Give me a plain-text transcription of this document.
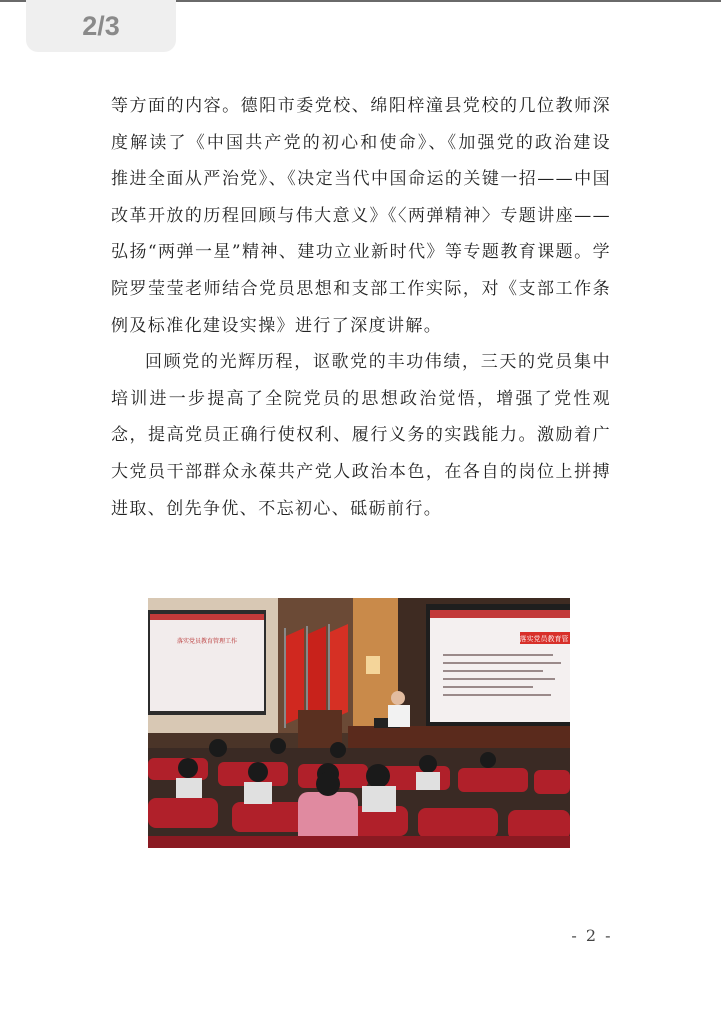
2/3

等方面的内容。德阳市委党校、绵阳梓潼县党校的几位教师深度解读了《中国共产党的初心和使命》、《加强党的政治建设 推进全面从严治党》、《决定当代中国命运的关键一招——中国改革开放的历程回顾与伟大意义》《〈两弹精神〉专题讲座——弘扬“两弹一星”精神、建功立业新时代》等专题教育课题。学院罗莹莹老师结合党员思想和支部工作实际，对《支部工作条例及标准化建设实操》进行了深度讲解。

回顾党的光辉历程，讴歌党的丰功伟绩，三天的党员集中培训进一步提高了全院党员的思想政治觉悟，增强了党性观念，提高党员正确行使权利、履行义务的实践能力。激励着广大党员干部群众永葆共产党人政治本色，在各自的岗位上拼搏进取、创先争优、不忘初心、砥砺前行。

落实党员教育管理工作	落实党员教育管
- 2 -
